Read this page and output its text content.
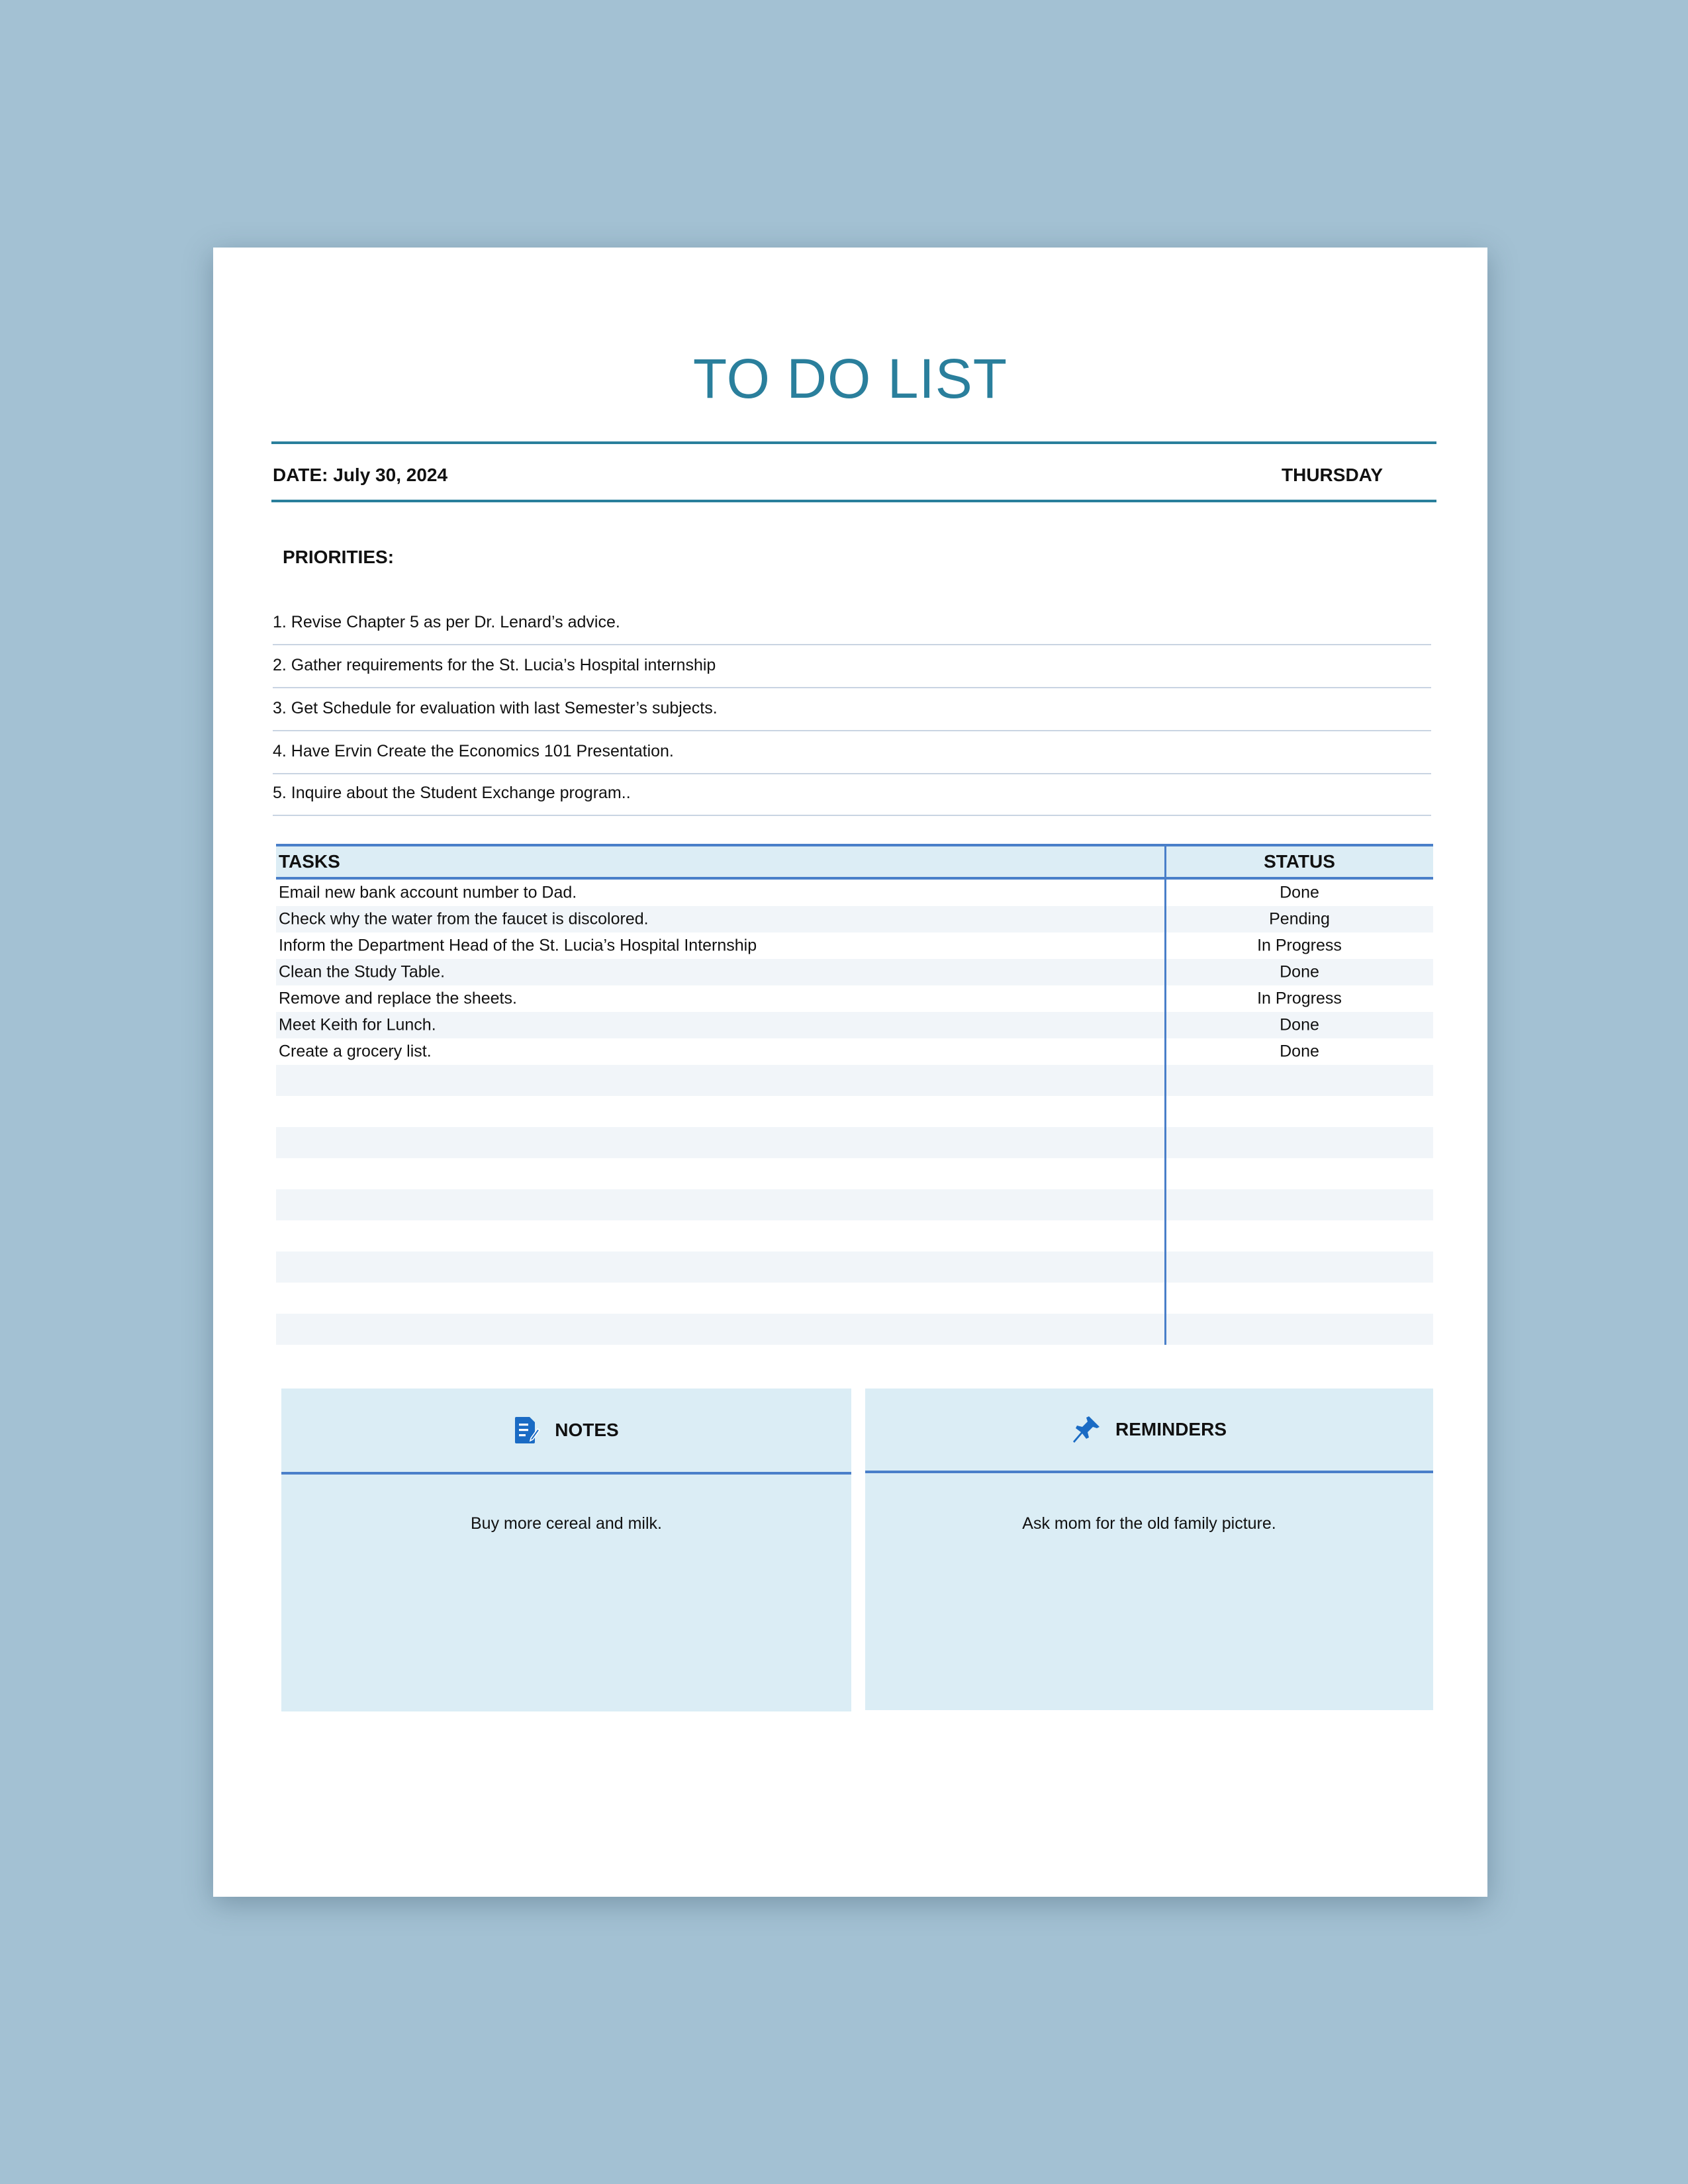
TO DO LIST
DATE: July 30, 2024	THURSDAY
PRIORITIES:
1. Revise Chapter 5 as per Dr. Lenard’s advice.
2. Gather requirements for the St. Lucia’s Hospital internship
3. Get Schedule for evaluation with last Semester’s subjects.
4. Have Ervin Create the Economics 101 Presentation.
5. Inquire about the Student Exchange program..
TASKS	STATUS
Email new bank account number to Dad.	Done
Check why the water from the faucet is discolored.	Pending
Inform the Department Head of the St. Lucia’s Hospital Internship	In Progress
Clean the Study Table.	Done
Remove and replace the sheets.	In Progress
Meet Keith for Lunch.	Done
Create a grocery list.	Done
NOTES
Buy more cereal and milk.
REMINDERS
Ask mom for the old family picture.
